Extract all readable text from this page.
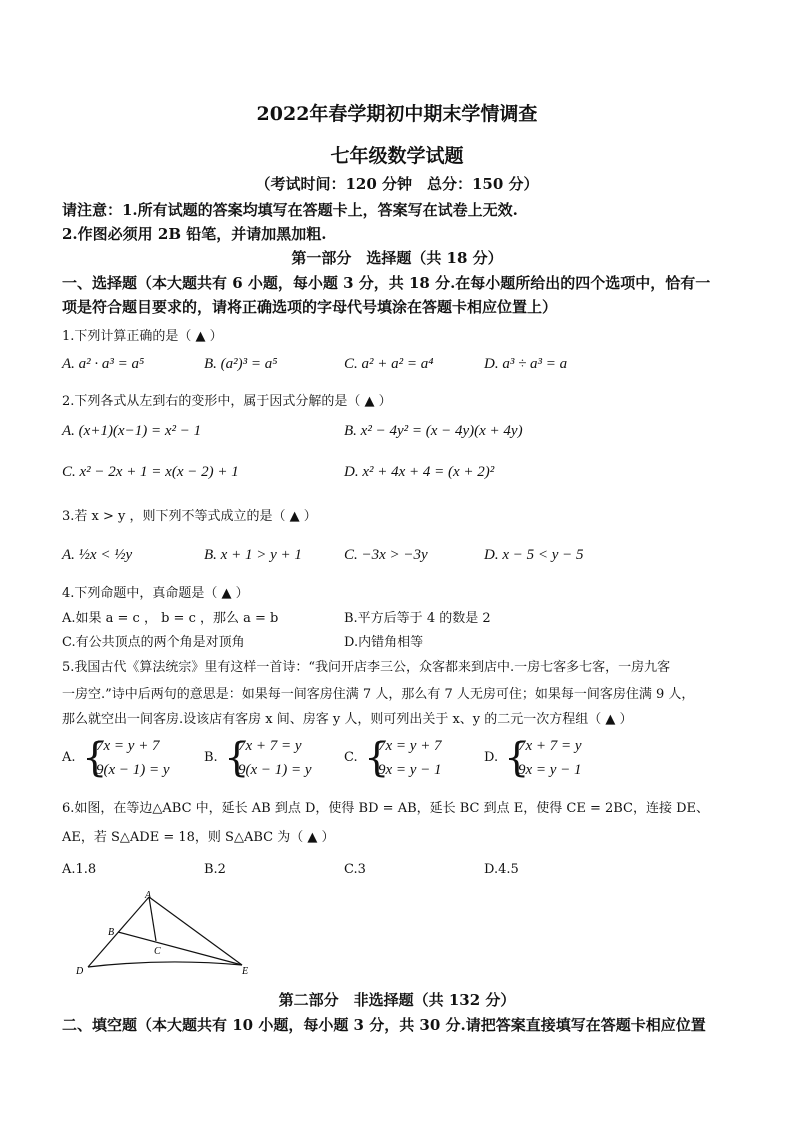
2022年春学期初中期末学情调查
七年级数学试题
（考试时间：120 分钟　总分：150 分）
请注意：1.所有试题的答案均填写在答题卡上，答案写在试卷上无效.
2.作图必须用 2B 铅笔，并请加黑加粗.
第一部分　选择题（共 18 分）
一、选择题（本大题共有 6 小题，每小题 3 分，共 18 分.在每小题所给出的四个选项中，恰有一
项是符合题目要求的，请将正确选项的字母代号填涂在答题卡相应位置上）
1.下列计算正确的是（ ▲ ）
A. a² · a³ = a⁵	B. (a²)³ = a⁵	C. a² + a² = a⁴	D. a³ ÷ a³ = a
2.下列各式从左到右的变形中，属于因式分解的是（ ▲ ）
A. (x+1)(x−1) = x² − 1	B. x² − 4y² = (x − 4y)(x + 4y)
C. x² − 2x + 1 = x(x − 2) + 1	D. x² + 4x + 4 = (x + 2)²
3.若 x > y ，则下列不等式成立的是（ ▲ ）
A. ½x < ½y	B. x + 1 > y + 1	C. −3x > −3y	D. x − 5 < y − 5
4.下列命题中，真命题是（ ▲ ）
A.如果 a = c ， b = c ，那么 a = b	B.平方后等于 4 的数是 2
C.有公共顶点的两个角是对顶角	D.内错角相等
5.我国古代《算法统宗》里有这样一首诗：“我问开店李三公，众客都来到店中.一房七客多七客，一房九客
一房空.”诗中后两句的意思是：如果每一间客房住满 7 人，那么有 7 人无房可住；如果每一间客房住满 9 人，
那么就空出一间客房.设该店有客房 x 间、房客 y 人，则可列出关于 x、y 的二元一次方程组（ ▲ ）
A. {
7x = y + 7
9(x − 1) = y
B. {
7x + 7 = y
9(x − 1) = y
C. {
7x = y + 7
9x = y − 1
D. {
7x + 7 = y
9x = y − 1
6.如图，在等边△ABC 中，延长 AB 到点 D，使得 BD = AB，延长 BC 到点 E，使得 CE = 2BC，连接 DE、
AE，若 S△ADE = 18，则 S△ABC 为（ ▲ ）
A.1.8	B.2	C.3	D.4.5
A
B
C
D	E
第二部分　非选择题（共 132 分）
二、填空题（本大题共有 10 小题，每小题 3 分，共 30 分.请把答案直接填写在答题卡相应位置
